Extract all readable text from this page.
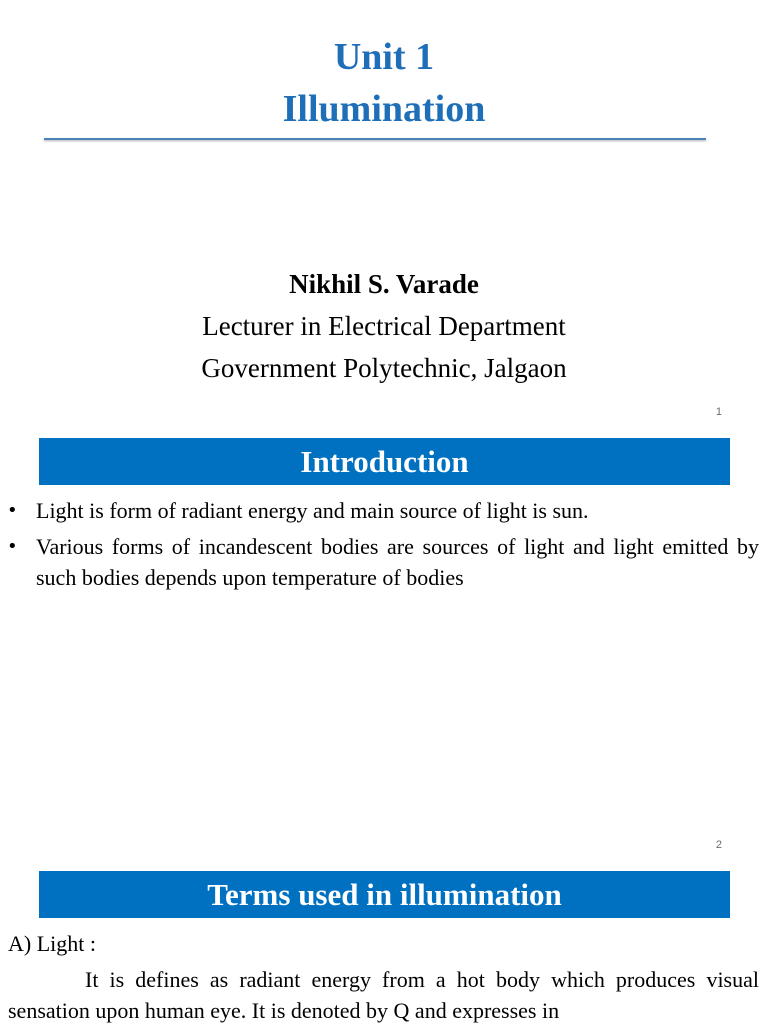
Unit 1
Illumination
Nikhil S. Varade
Lecturer in Electrical Department
Government Polytechnic, Jalgaon
1
Introduction
• Light is form of radiant energy and main source of light is sun.
• Various forms of incandescent bodies are sources of light and light emitted by such bodies depends upon temperature of bodies
2
Terms used in illumination
A) Light :

It is defines as radiant energy from a hot body which produces visual sensation upon human eye. It is denoted by Q and expresses in
